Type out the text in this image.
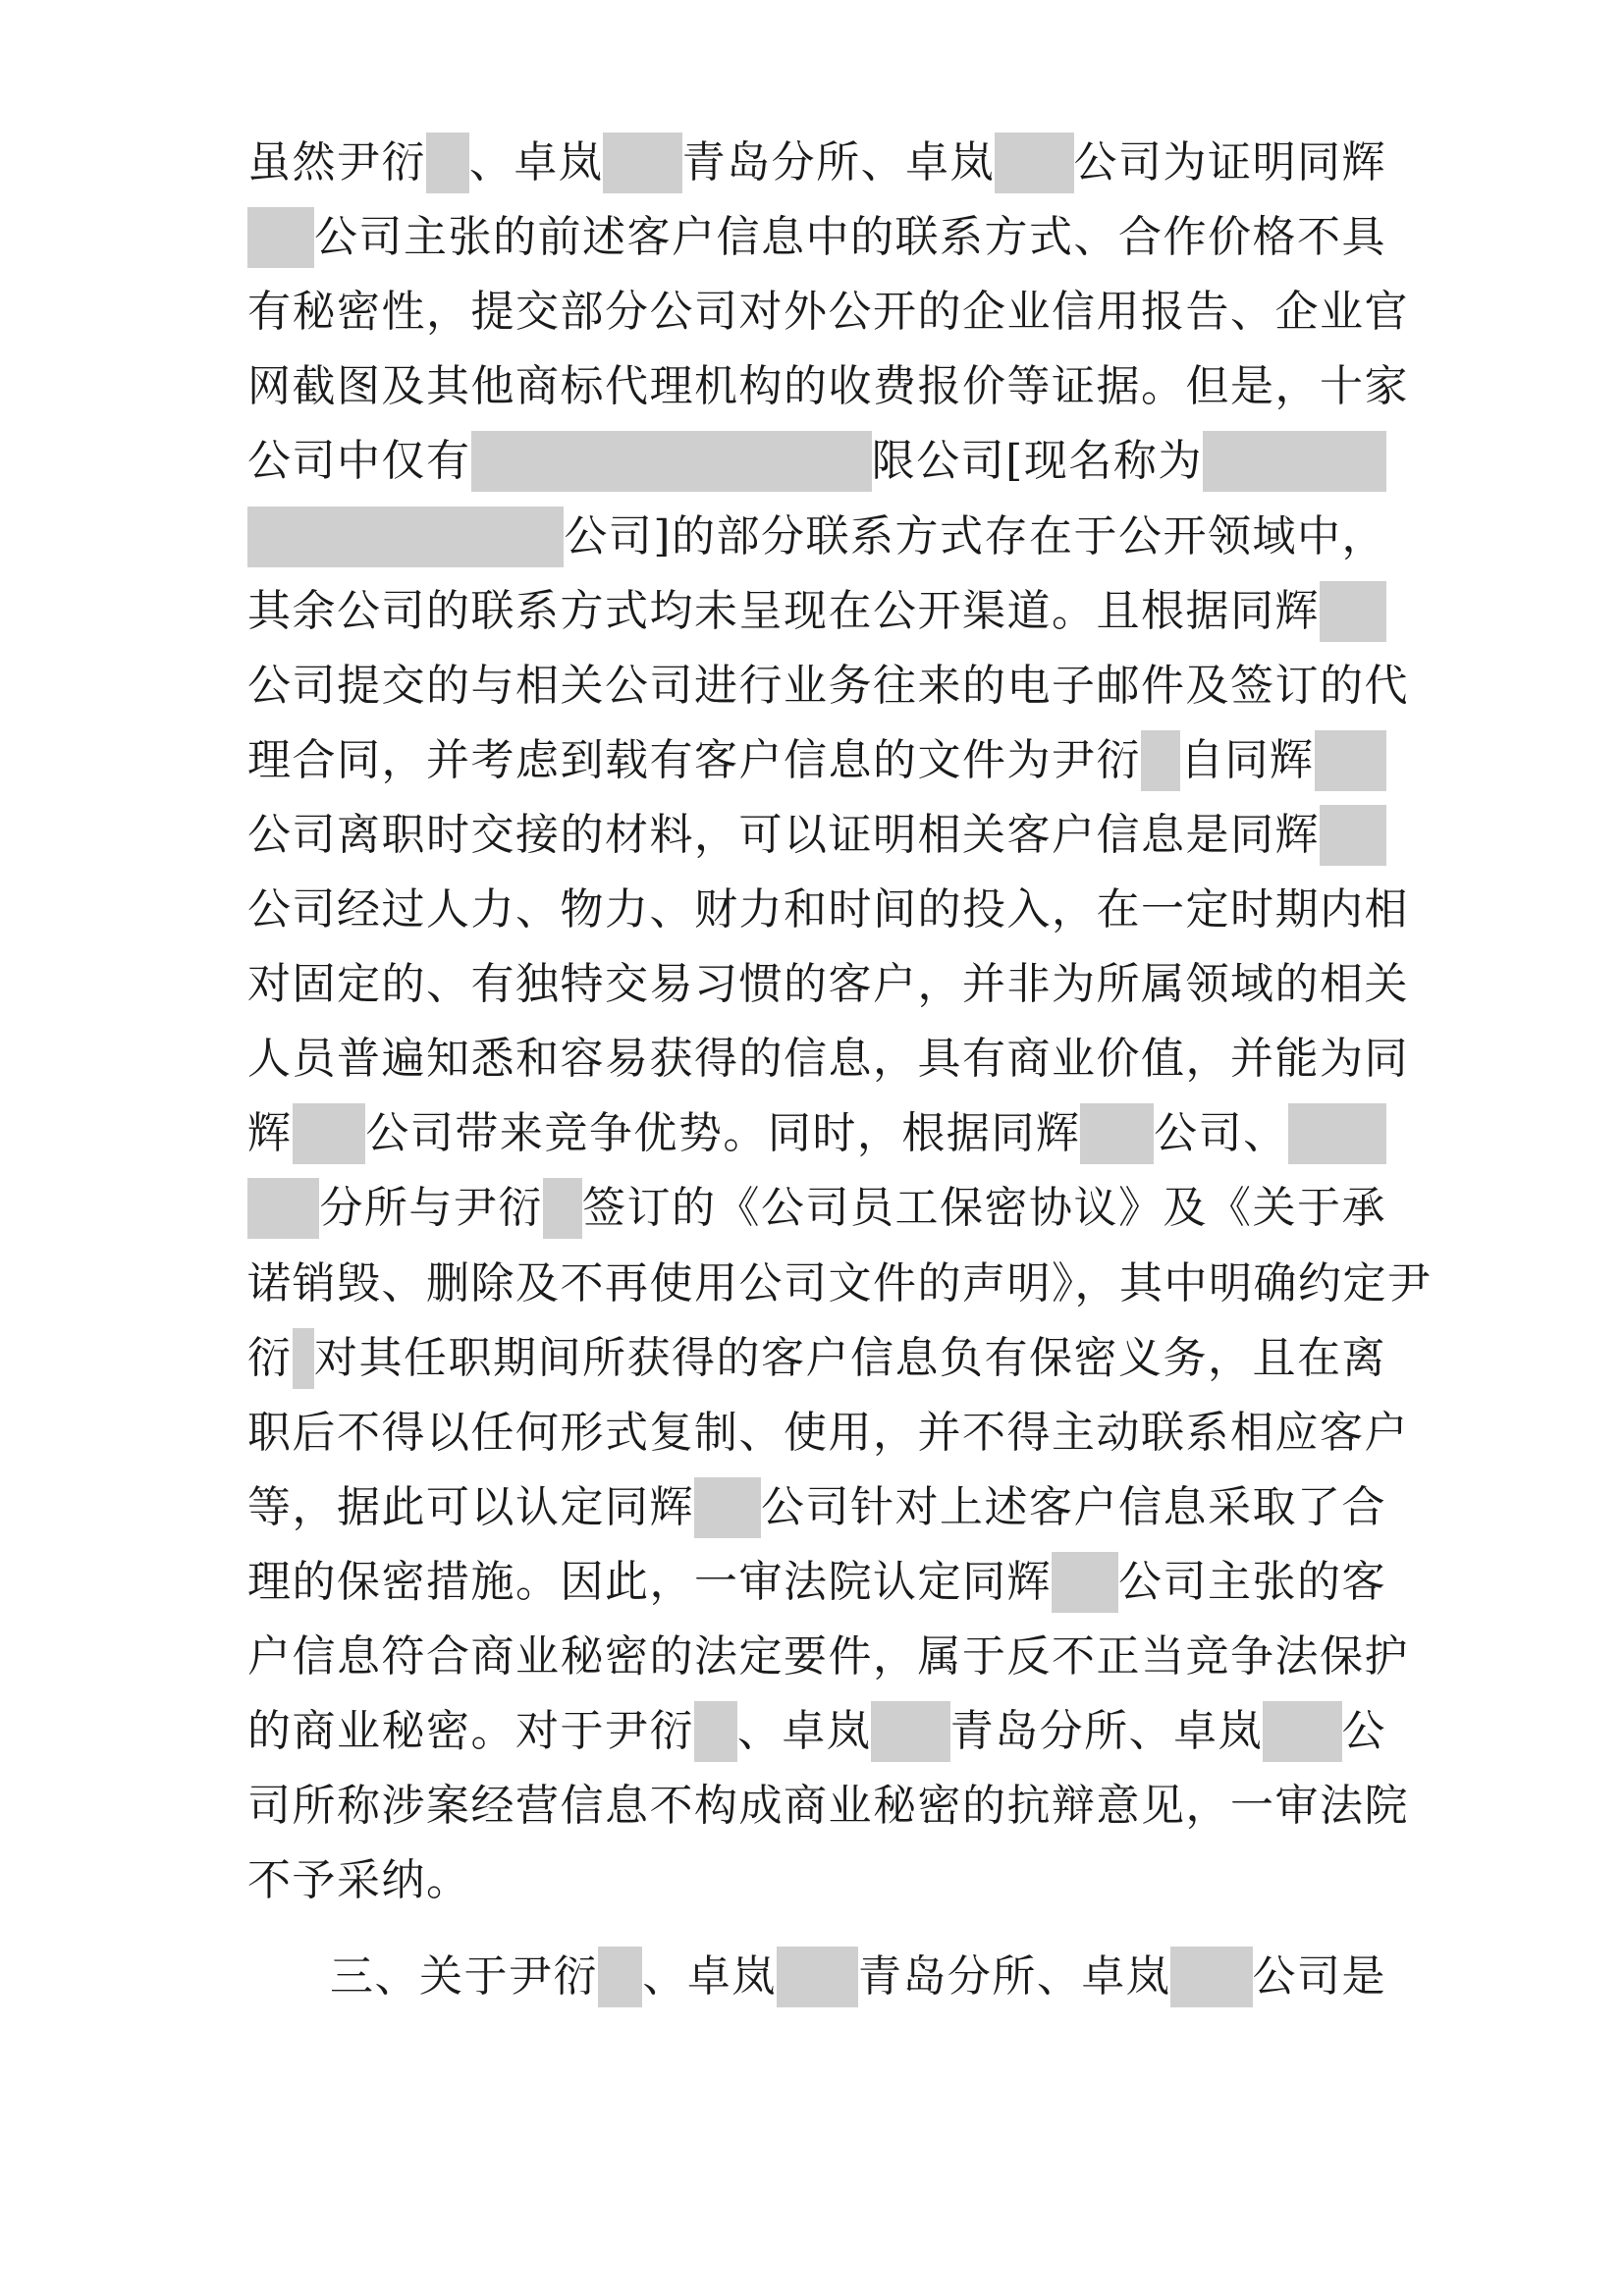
虽然尹衍 、卓岚 青岛分所、卓岚 公司为证明同辉
公司主张的前述客户信息中的联系方式、合作价格不具
有秘密性，提交部分公司对外公开的企业信用报告、企业官
网截图及其他商标代理机构的收费报价等证据。但是，十家
公司中仅有	限公司[现名称为
公司]的部分联系方式存在于公开领域中，
其余公司的联系方式均未呈现在公开渠道。且根据同辉
公司提交的与相关公司进行业务往来的电子邮件及签订的代
理合同，并考虑到载有客户信息的文件为尹衍 自同辉
公司离职时交接的材料，可以证明相关客户信息是同辉
公司经过人力、物力、财力和时间的投入，在一定时期内相
对固定的、有独特交易习惯的客户，并非为所属领域的相关
人员普遍知悉和容易获得的信息，具有商业价值，并能为同
辉 公司带来竞争优势。同时，根据同辉 公司、
分所与尹衍 签订的《公司员工保密协议》及《关于承
诺销毁、删除及不再使用公司文件的声明》，其中明确约定尹
衍 对其任职期间所获得的客户信息负有保密义务，且在离
职后不得以任何形式复制、使用，并不得主动联系相应客户
等，据此可以认定同辉 公司针对上述客户信息采取了合
理的保密措施。因此，一审法院认定同辉 公司主张的客
户信息符合商业秘密的法定要件，属于反不正当竞争法保护
的商业秘密。对于尹衍 、卓岚 青岛分所、卓岚 公
司所称涉案经营信息不构成商业秘密的抗辩意见，一审法院
不予采纳。
三、关于尹衍 、卓岚 青岛分所、卓岚 公司是
